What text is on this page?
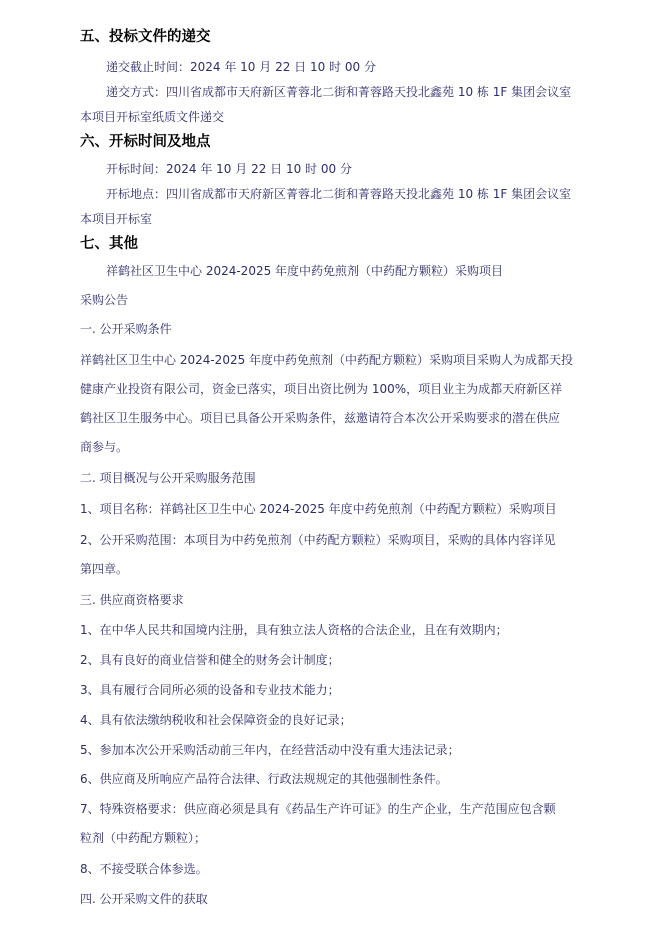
五、投标文件的递交
递交截止时间：2024 年 10 月 22 日 10 时 00 分
递交方式：四川省成都市天府新区菁蓉北二街和菁蓉路天投北鑫苑 10 栋 1F 集团会议室
本项目开标室纸质文件递交
六、开标时间及地点
开标时间：2024 年 10 月 22 日 10 时 00 分
开标地点：四川省成都市天府新区菁蓉北二街和菁蓉路天投北鑫苑 10 栋 1F 集团会议室
本项目开标室
七、其他
祥鹤社区卫生中心 2024-2025 年度中药免煎剂（中药配方颗粒）采购项目
采购公告
一. 公开采购条件
祥鹤社区卫生中心 2024-2025 年度中药免煎剂（中药配方颗粒）采购项目采购人为成都天投
健康产业投资有限公司，资金已落实，项目出资比例为 100%，项目业主为成都天府新区祥
鹤社区卫生服务中心。项目已具备公开采购条件，兹邀请符合本次公开采购要求的潜在供应
商参与。
二. 项目概况与公开采购服务范围
1、项目名称：祥鹤社区卫生中心 2024-2025 年度中药免煎剂（中药配方颗粒）采购项目
2、公开采购范围：本项目为中药免煎剂（中药配方颗粒）采购项目，采购的具体内容详见
第四章。
三. 供应商资格要求
1、在中华人民共和国境内注册，具有独立法人资格的合法企业，且在有效期内；
2、具有良好的商业信誉和健全的财务会计制度；
3、具有履行合同所必须的设备和专业技术能力；
4、具有依法缴纳税收和社会保障资金的良好记录；
5、参加本次公开采购活动前三年内，在经营活动中没有重大违法记录；
6、供应商及所响应产品符合法律、行政法规规定的其他强制性条件。
7、特殊资格要求：供应商必须是具有《药品生产许可证》的生产企业，生产范围应包含颗
粒剂（中药配方颗粒）；
8、不接受联合体参选。
四. 公开采购文件的获取
